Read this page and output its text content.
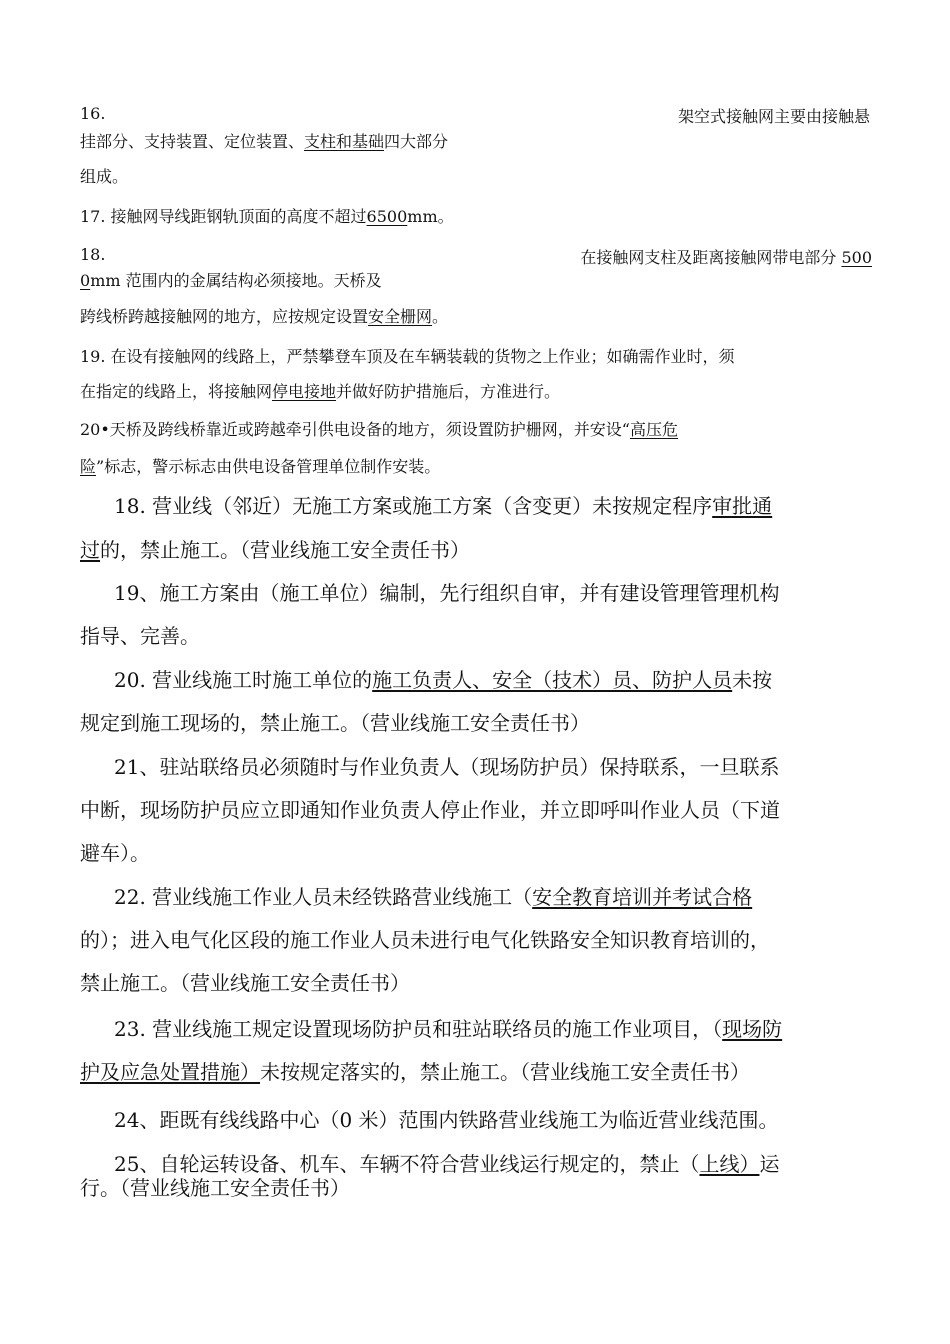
16.	架空式接触网主要由接触悬
挂部分、支持装置、定位装置、支柱和基础四大部分
组成。
17. 接触网导线距钢轨顶面的高度不超过6500mm。
18.	在接触网支柱及距离接触网带电部分 500
0mm 范围内的金属结构必须接地。天桥及
跨线桥跨越接触网的地方，应按规定设置安全栅网。
19. 在设有接触网的线路上，严禁攀登车顶及在车辆装载的货物之上作业；如确需作业时，须
在指定的线路上，将接触网停电接地并做好防护措施后，方准进行。
20•天桥及跨线桥靠近或跨越牵引供电设备的地方，须设置防护栅网，并安设“高压危
险”标志，警示标志由供电设备管理单位制作安装。
18. 营业线（邻近）无施工方案或施工方案（含变更）未按规定程序审批通
过的，禁止施工。（营业线施工安全责任书）
19、施工方案由（施工单位）编制，先行组织自审，并有建设管理管理机构
指导、完善。
20. 营业线施工时施工单位的施工负责人、安全（技术）员、防护人员未按
规定到施工现场的，禁止施工。（营业线施工安全责任书）
21、驻站联络员必须随时与作业负责人（现场防护员）保持联系，一旦联系
中断，现场防护员应立即通知作业负责人停止作业，并立即呼叫作业人员（下道
避车）。
22. 营业线施工作业人员未经铁路营业线施工（安全教育培训并考试合格
的）；进入电气化区段的施工作业人员未进行电气化铁路安全知识教育培训的，
禁止施工。（营业线施工安全责任书）
23. 营业线施工规定设置现场防护员和驻站联络员的施工作业项目，（现场防
护及应急处置措施）未按规定落实的，禁止施工。（营业线施工安全责任书）
24、距既有线线路中心（0 米）范围内铁路营业线施工为临近营业线范围。
25、自轮运转设备、机车、车辆不符合营业线运行规定的，禁止（上线）运
行。（营业线施工安全责任书）
